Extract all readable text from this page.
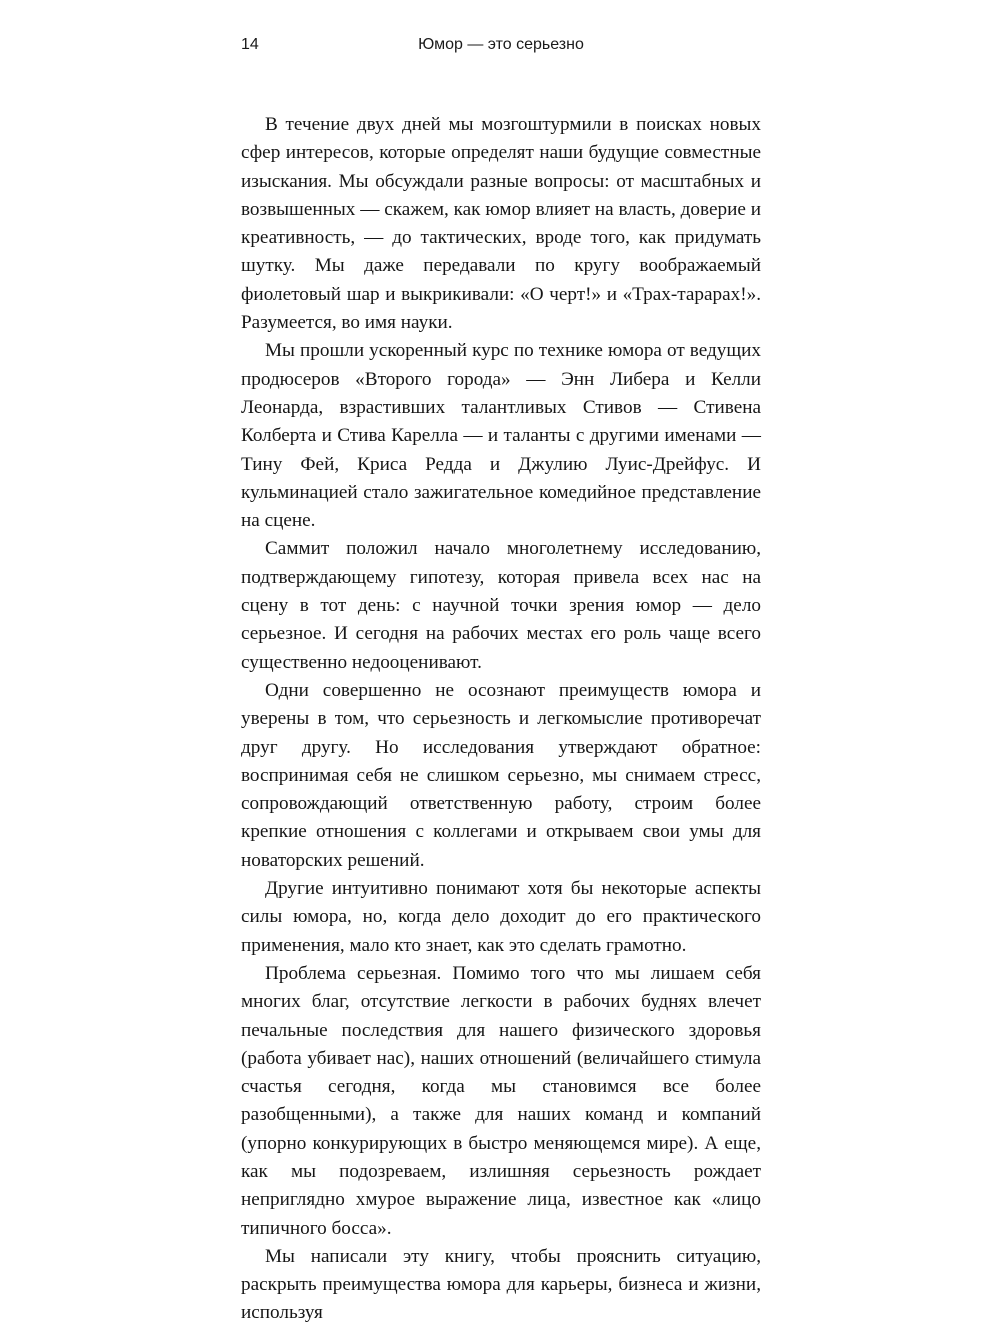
14	Юмор — это серьезно

В течение двух дней мы мозгоштурмили в поисках новых сфер интересов, которые определят наши будущие совместные изыскания. Мы обсуждали разные вопросы: от масштабных и возвышенных — скажем, как юмор влияет на власть, доверие и креативность, — до тактических, вроде того, как придумать шутку. Мы даже передавали по кругу воображаемый фиолетовый шар и выкрикивали: «О черт!» и «Трах-тарарах!». Разумеется, во имя науки.

Мы прошли ускоренный курс по технике юмора от ведущих продюсеров «Второго города» — Энн Либера и Келли Леонарда, взрастивших талантливых Стивов — Стивена Колберта и Стива Карелла — и таланты с другими именами — Тину Фей, Криса Редда и Джулию Луис-Дрейфус. И кульминацией стало зажигательное комедийное представление на сцене.

Саммит положил начало многолетнему исследованию, подтверждающему гипотезу, которая привела всех нас на сцену в тот день: с научной точки зрения юмор — дело серьезное. И сегодня на рабочих местах его роль чаще всего существенно недооценивают.

Одни совершенно не осознают преимуществ юмора и уверены в том, что серьезность и легкомыслие противоречат друг другу. Но исследования утверждают обратное: воспринимая себя не слишком серьезно, мы снимаем стресс, сопровождающий ответственную работу, строим более крепкие отношения с коллегами и открываем свои умы для новаторских решений.

Другие интуитивно понимают хотя бы некоторые аспекты силы юмора, но, когда дело доходит до его практического применения, мало кто знает, как это сделать грамотно.

Проблема серьезная. Помимо того что мы лишаем себя многих благ, отсутствие легкости в рабочих буднях влечет печальные последствия для нашего физического здоровья (работа убивает нас), наших отношений (величайшего стимула счастья сегодня, когда мы становимся все более разобщенными), а также для наших команд и компаний (упорно конкурирующих в быстро меняющемся мире). А еще, как мы подозреваем, излишняя серьезность рождает непригляднo хмурое выражение лица, известное как «лицо типичного босса».

Мы написали эту книгу, чтобы прояснить ситуацию, раскрыть преимущества юмора для карьеры, бизнеса и жизни, используя
